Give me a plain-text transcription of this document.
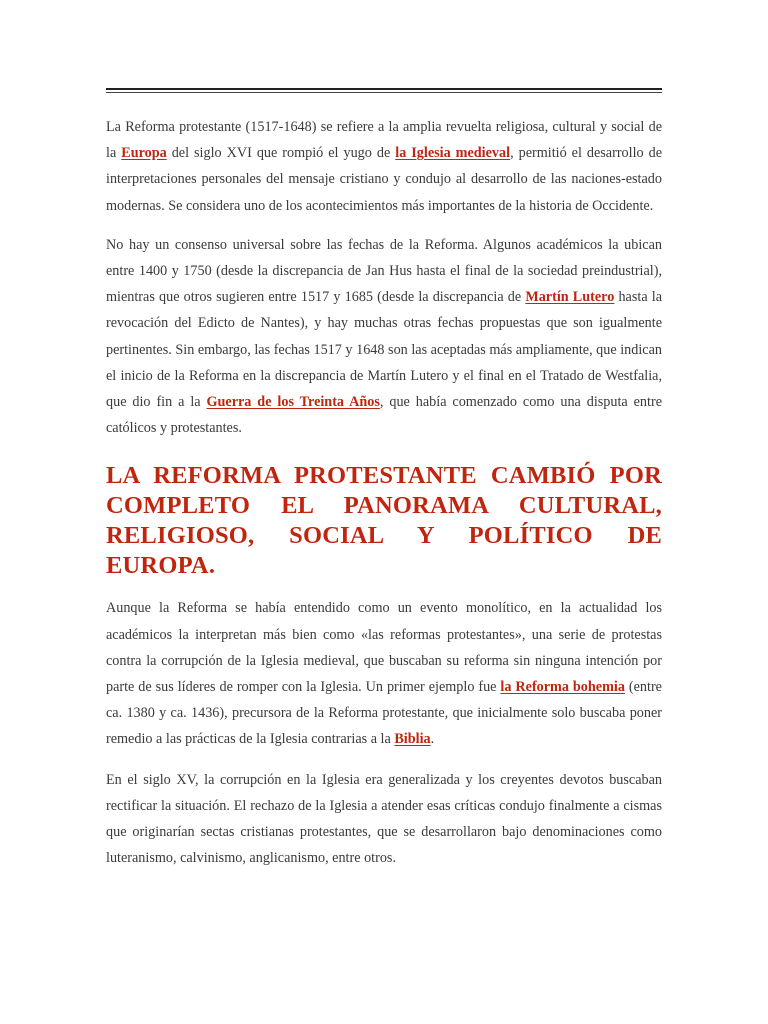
La Reforma protestante (1517-1648) se refiere a la amplia revuelta religiosa, cultural y social de la Europa del siglo XVI que rompió el yugo de la Iglesia medieval, permitió el desarrollo de interpretaciones personales del mensaje cristiano y condujo al desarrollo de las naciones-estado modernas. Se considera uno de los acontecimientos más importantes de la historia de Occidente.

No hay un consenso universal sobre las fechas de la Reforma. Algunos académicos la ubican entre 1400 y 1750 (desde la discrepancia de Jan Hus hasta el final de la sociedad preindustrial), mientras que otros sugieren entre 1517 y 1685 (desde la discrepancia de Martín Lutero hasta la revocación del Edicto de Nantes), y hay muchas otras fechas propuestas que son igualmente pertinentes. Sin embargo, las fechas 1517 y 1648 son las aceptadas más ampliamente, que indican el inicio de la Reforma en la discrepancia de Martín Lutero y el final en el Tratado de Westfalia, que dio fin a la Guerra de los Treinta Años, que había comenzado como una disputa entre católicos y protestantes.

LA REFORMA PROTESTANTE CAMBIÓ POR COMPLETO EL PANORAMA CULTURAL, RELIGIOSO, SOCIAL Y POLÍTICO DE EUROPA.

Aunque la Reforma se había entendido como un evento monolítico, en la actualidad los académicos la interpretan más bien como «las reformas protestantes», una serie de protestas contra la corrupción de la Iglesia medieval, que buscaban su reforma sin ninguna intención por parte de sus líderes de romper con la Iglesia. Un primer ejemplo fue la Reforma bohemia (entre ca. 1380 y ca. 1436), precursora de la Reforma protestante, que inicialmente solo buscaba poner remedio a las prácticas de la Iglesia contrarias a la Biblia.

En el siglo XV, la corrupción en la Iglesia era generalizada y los creyentes devotos buscaban rectificar la situación. El rechazo de la Iglesia a atender esas críticas condujo finalmente a cismas que originarían sectas cristianas protestantes, que se desarrollaron bajo denominaciones como luteranismo, calvinismo, anglicanismo, entre otros.
